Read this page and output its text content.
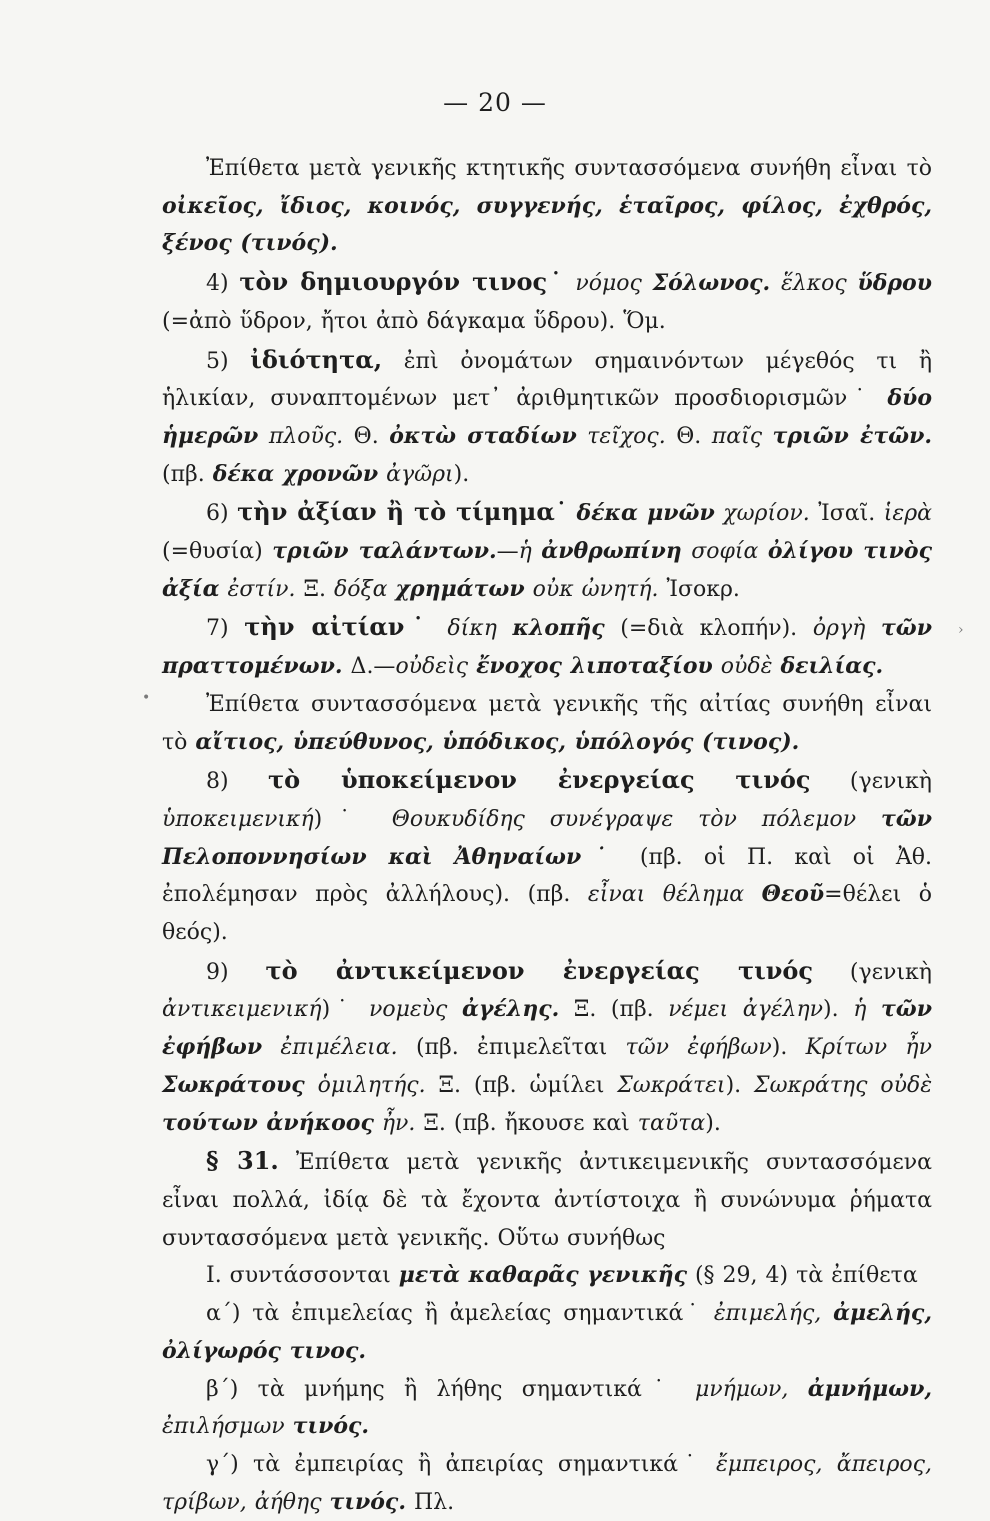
— 20 —
•
›

Ἐπίθετα μετὰ γενικῆς κτητικῆς συντασσόμενα συνήθη εἶναι τὸ οἰκεῖος, ἴδιος, κοινός, συγγενής, ἑταῖρος, φίλος, ἐχθρός, ξένος (τινός).

4) τὸν δημιουργόν τινος˙ νόμος Σόλωνος. ἕλκος ὕδρου (=ἀπὸ ὕδρον, ἤτοι ἀπὸ δάγκαμα ὕδρου). Ὅμ.

5) ἰδιότητα, ἐπὶ ὀνομάτων σημαινόντων μέγεθός τι ἢ ἡλικίαν, συναπτομένων μετ᾽ ἀριθμητικῶν προσδιορισμῶν˙ δύο ἡμερῶν πλοῦς. Θ. ὀκτὼ σταδίων τεῖχος. Θ. παῖς τριῶν ἐτῶν. (πβ. δέκα χρονῶν ἀγῶρι).

6) τὴν ἀξίαν ἢ τὸ τίμημα˙ δέκα μνῶν χωρίον. Ἰσαῖ. ἱερὰ (=θυσία) τριῶν ταλάντων.—ἡ ἀνθρωπίνη σοφία ὀλίγου τινὸς ἀξία ἐστίν. Ξ. δόξα χρημάτων οὐκ ὠνητή. Ἰσοκρ.

7) τὴν αἰτίαν˙ δίκη κλοπῆς (=διὰ κλοπήν). ὀργὴ τῶν πραττομένων. Δ.—οὐδεὶς ἔνοχος λιποταξίου οὐδὲ δειλίας.

Ἐπίθετα συντασσόμενα μετὰ γενικῆς τῆς αἰτίας συνήθη εἶναι τὸ αἴτιος, ὑπεύθυνος, ὑπόδικος, ὑπόλογός (τινος).

8) τὸ ὑποκείμενον ἐνεργείας τινός (γενικὴ ὑποκειμενική)˙ Θουκυδίδης συνέγραψε τὸν πόλεμον τῶν Πελοποννησίων καὶ Ἀθηναίων˙ (πβ. οἱ Π. καὶ οἱ Ἀθ. ἐπολέμησαν πρὸς ἀλλήλους). (πβ. εἶναι θέλημα Θεοῦ=θέλει ὁ θεός).

9) τὸ ἀντικείμενον ἐνεργείας τινός (γενικὴ ἀντικειμενική)˙ νομεὺς ἀγέλης. Ξ. (πβ. νέμει ἀγέλην). ἡ τῶν ἐφήβων ἐπιμέλεια. (πβ. ἐπιμελεῖται τῶν ἐφήβων). Κρίτων ἦν Σωκράτους ὁμιλητής. Ξ. (πβ. ὡμίλει Σωκράτει). Σωκράτης οὐδὲ τούτων ἀνήκοος ἦν. Ξ. (πβ. ἤκουσε καὶ ταῦτα).

§ 31. Ἐπίθετα μετὰ γενικῆς ἀντικειμενικῆς συντασσόμενα εἶναι πολλά, ἰδίᾳ δὲ τὰ ἔχοντα ἀντίστοιχα ἢ συνώνυμα ῥήματα συντασσόμενα μετὰ γενικῆς. Οὕτω συνήθως

I. συντάσσονται μετὰ καθαρᾶς γενικῆς (§ 29, 4) τὰ ἐπίθετα

α΄) τὰ ἐπιμελείας ἢ ἀμελείας σημαντικά˙ ἐπιμελής, ἀμελής, ὀλίγωρός τινος.

β΄) τὰ μνήμης ἢ λήθης σημαντικά˙ μνήμων, ἀμνήμων, ἐπιλήσμων τινός.

γ΄) τὰ ἐμπειρίας ἢ ἀπειρίας σημαντικά˙ ἔμπειρος, ἄπειρος, τρίβων, ἀήθης τινός. Πλ.
